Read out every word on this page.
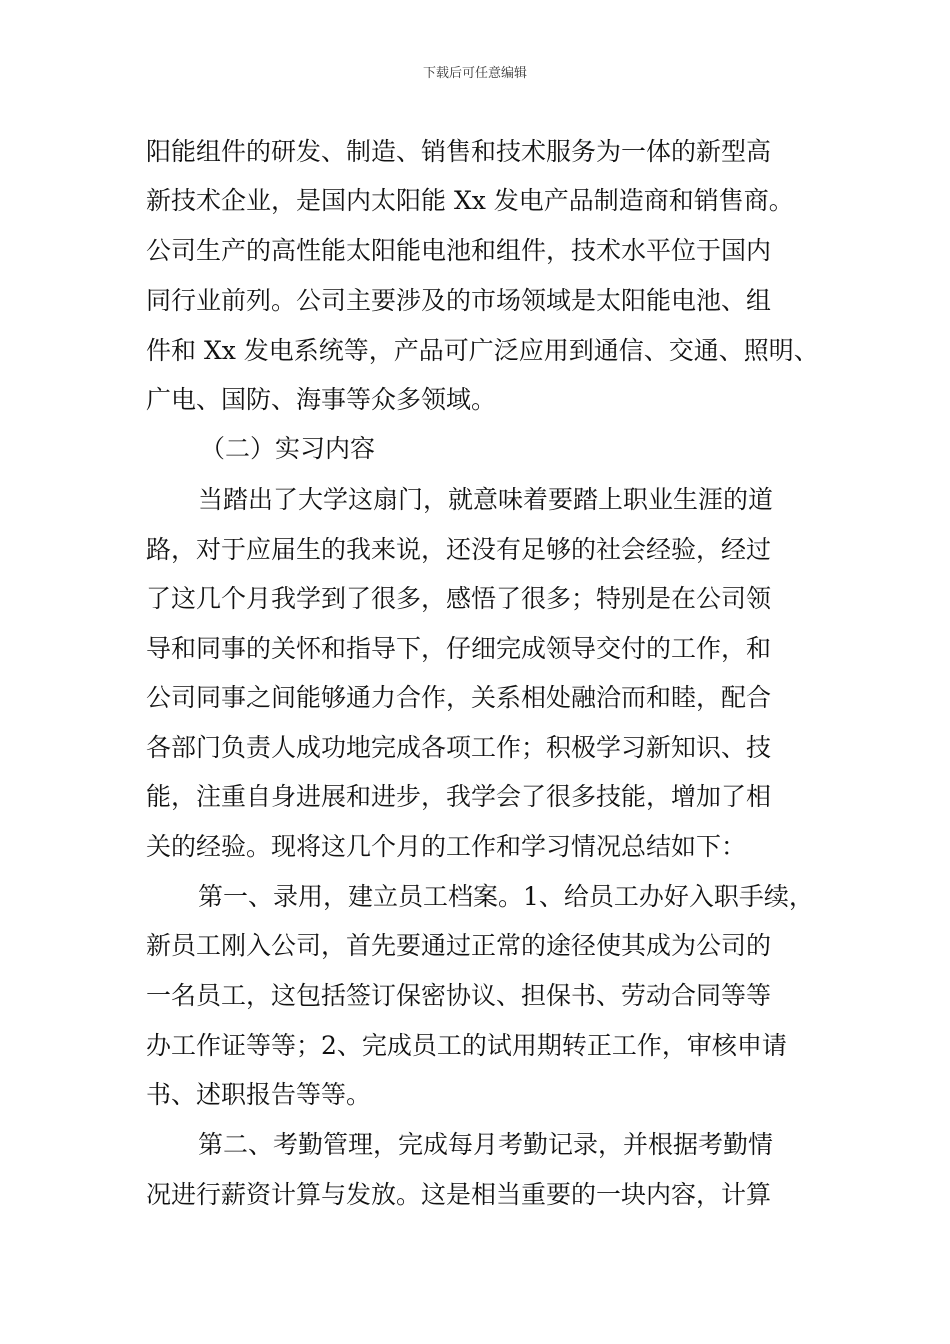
下载后可任意编辑
阳能组件的研发、制造、销售和技术服务为一体的新型高
新技术企业，是国内太阳能 Xx 发电产品制造商和销售商。
公司生产的高性能太阳能电池和组件，技术水平位于国内
同行业前列。公司主要涉及的市场领域是太阳能电池、组
件和 Xx 发电系统等，产品可广泛应用到通信、交通、照明、
广电、国防、海事等众多领域。
（二）实习内容
当踏出了大学这扇门，就意味着要踏上职业生涯的道
路，对于应届生的我来说，还没有足够的社会经验，经过
了这几个月我学到了很多，感悟了很多；特别是在公司领
导和同事的关怀和指导下，仔细完成领导交付的工作，和
公司同事之间能够通力合作，关系相处融洽而和睦，配合
各部门负责人成功地完成各项工作；积极学习新知识、技
能，注重自身进展和进步，我学会了很多技能，增加了相
关的经验。现将这几个月的工作和学习情况总结如下：
第一、录用，建立员工档案。1、给员工办好入职手续，
新员工刚入公司，首先要通过正常的途径使其成为公司的
一名员工，这包括签订保密协议、担保书、劳动合同等等
办工作证等等；2、完成员工的试用期转正工作，审核申请
书、述职报告等等。
第二、考勤管理，完成每月考勤记录，并根据考勤情
况进行薪资计算与发放。这是相当重要的一块内容，计算
